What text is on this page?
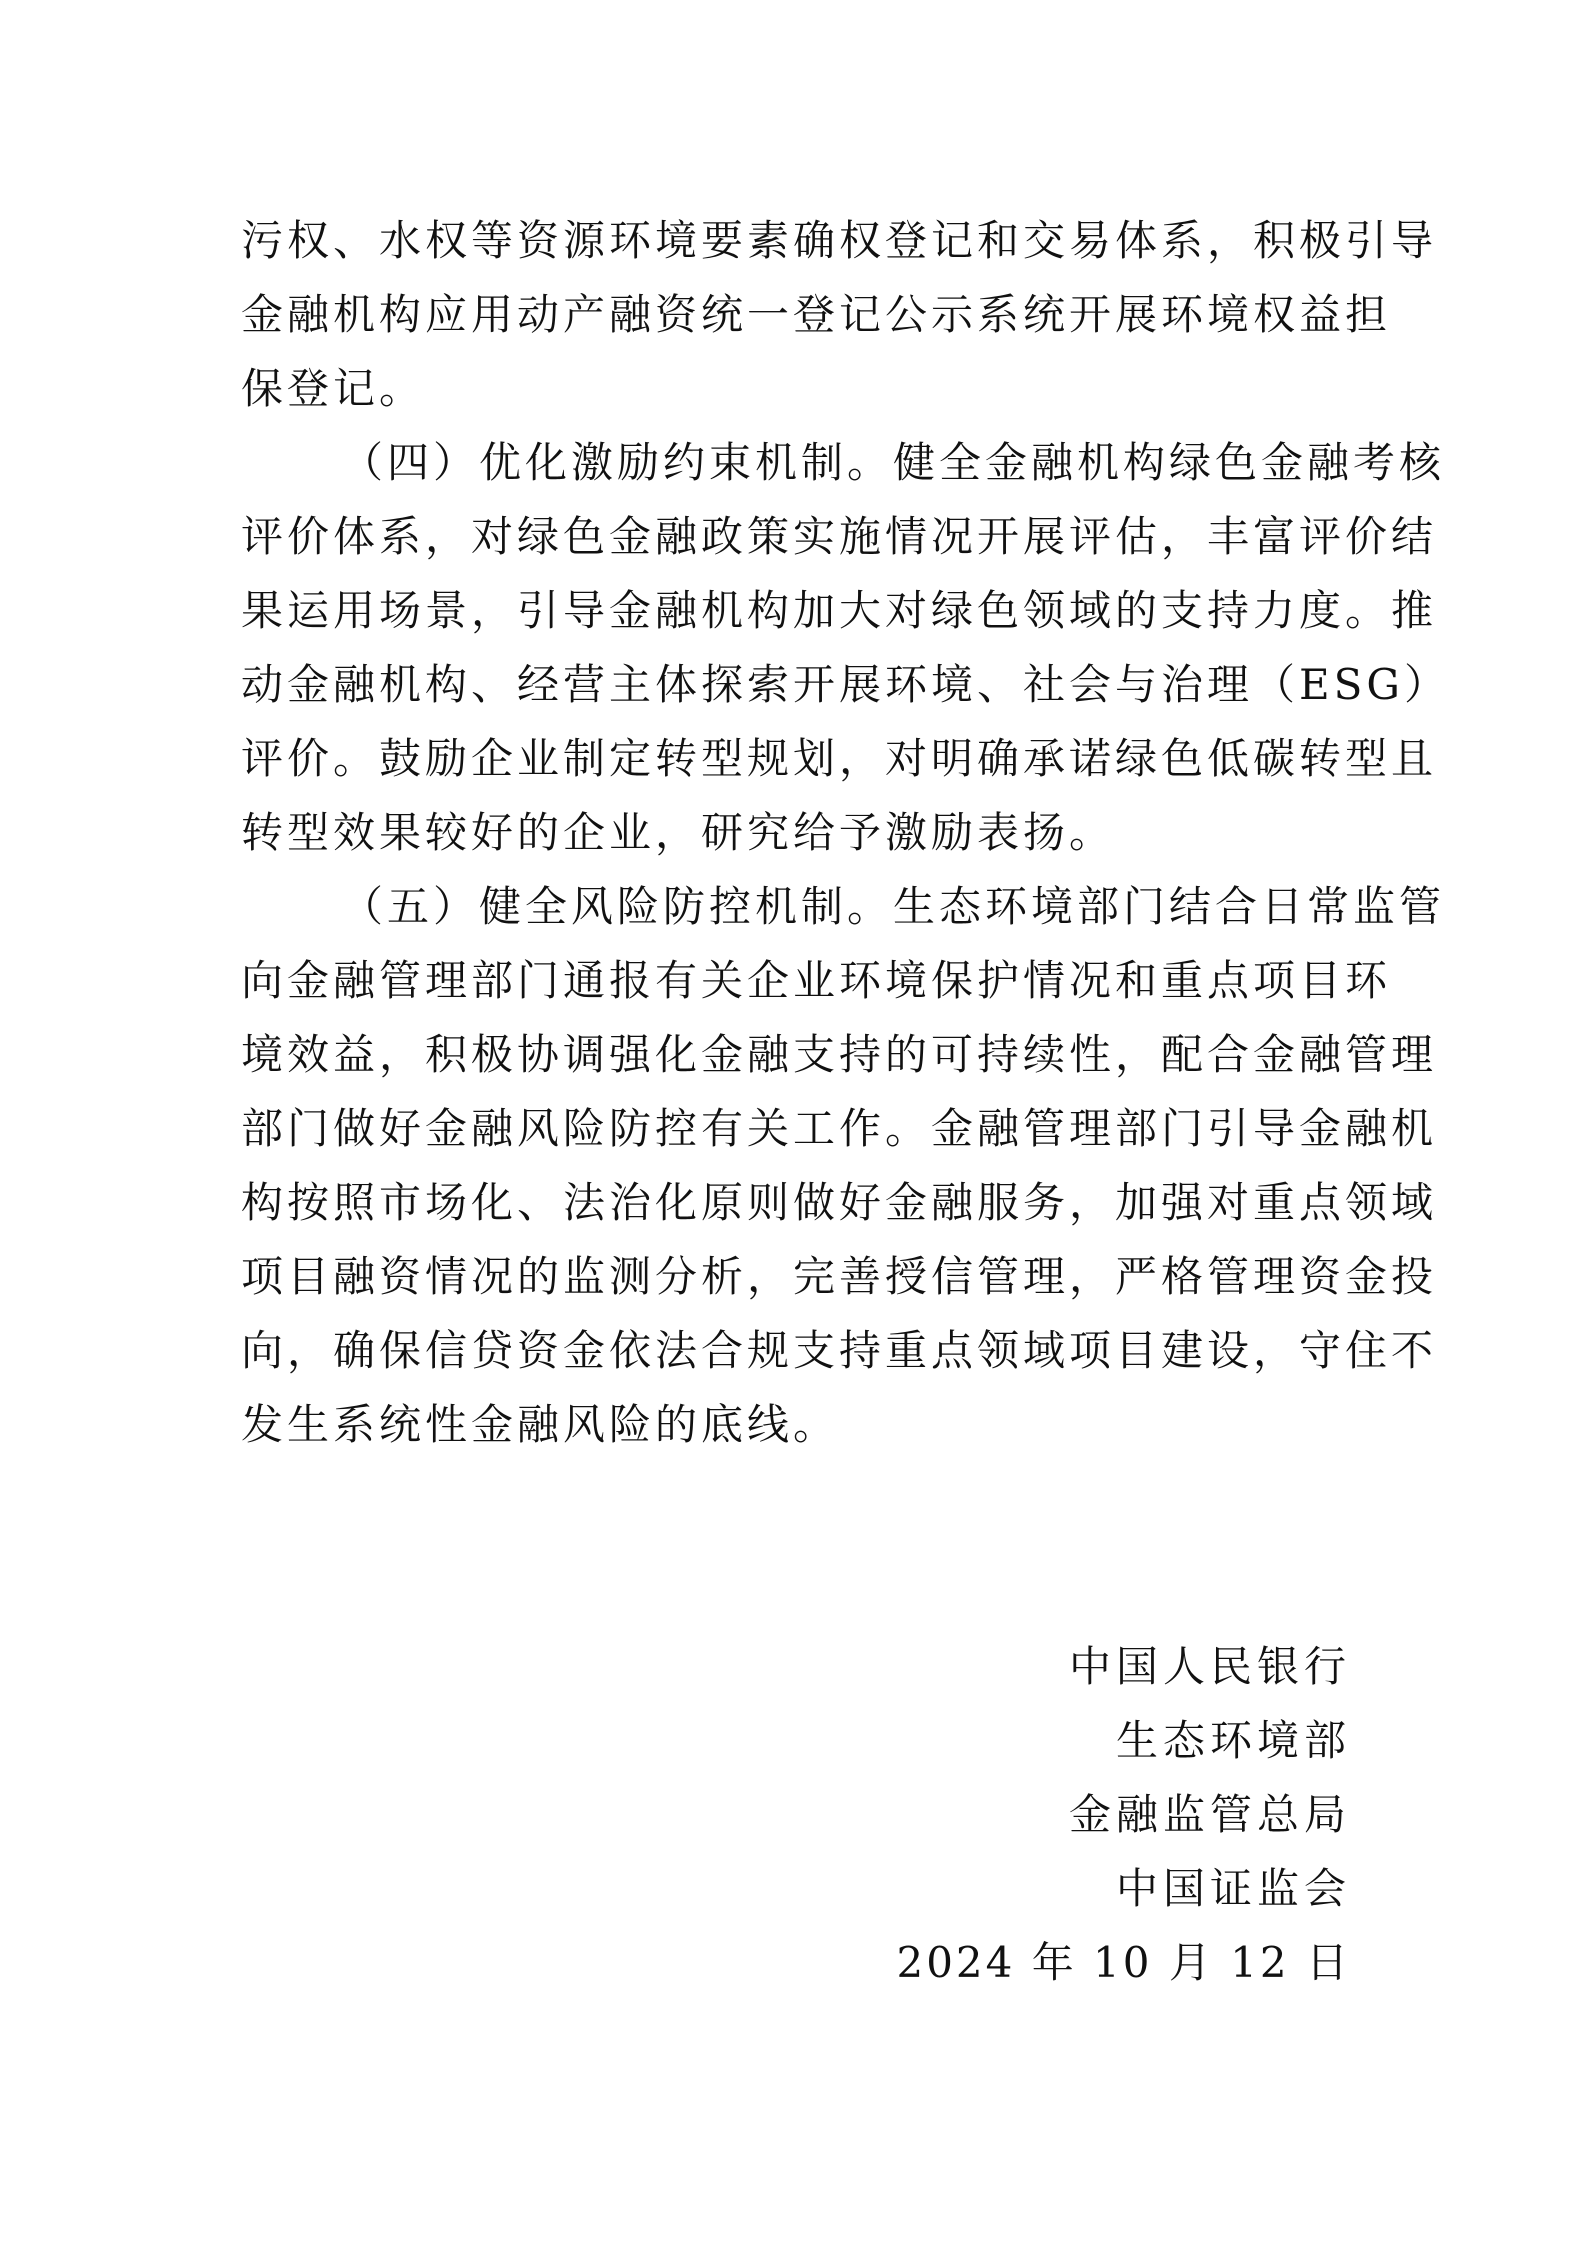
污权、水权等资源环境要素确权登记和交易体系，积极引导
金融机构应用动产融资统一登记公示系统开展环境权益担
保登记。
（四）优化激励约束机制。健全金融机构绿色金融考核
评价体系，对绿色金融政策实施情况开展评估，丰富评价结
果运用场景，引导金融机构加大对绿色领域的支持力度。推
动金融机构、经营主体探索开展环境、社会与治理（ESG）
评价。鼓励企业制定转型规划，对明确承诺绿色低碳转型且
转型效果较好的企业，研究给予激励表扬。
（五）健全风险防控机制。生态环境部门结合日常监管
向金融管理部门通报有关企业环境保护情况和重点项目环
境效益，积极协调强化金融支持的可持续性，配合金融管理
部门做好金融风险防控有关工作。金融管理部门引导金融机
构按照市场化、法治化原则做好金融服务，加强对重点领域
项目融资情况的监测分析，完善授信管理，严格管理资金投
向，确保信贷资金依法合规支持重点领域项目建设，守住不
发生系统性金融风险的底线。
中国人民银行
生态环境部
金融监管总局
中国证监会
2024 年 10 月 12 日
